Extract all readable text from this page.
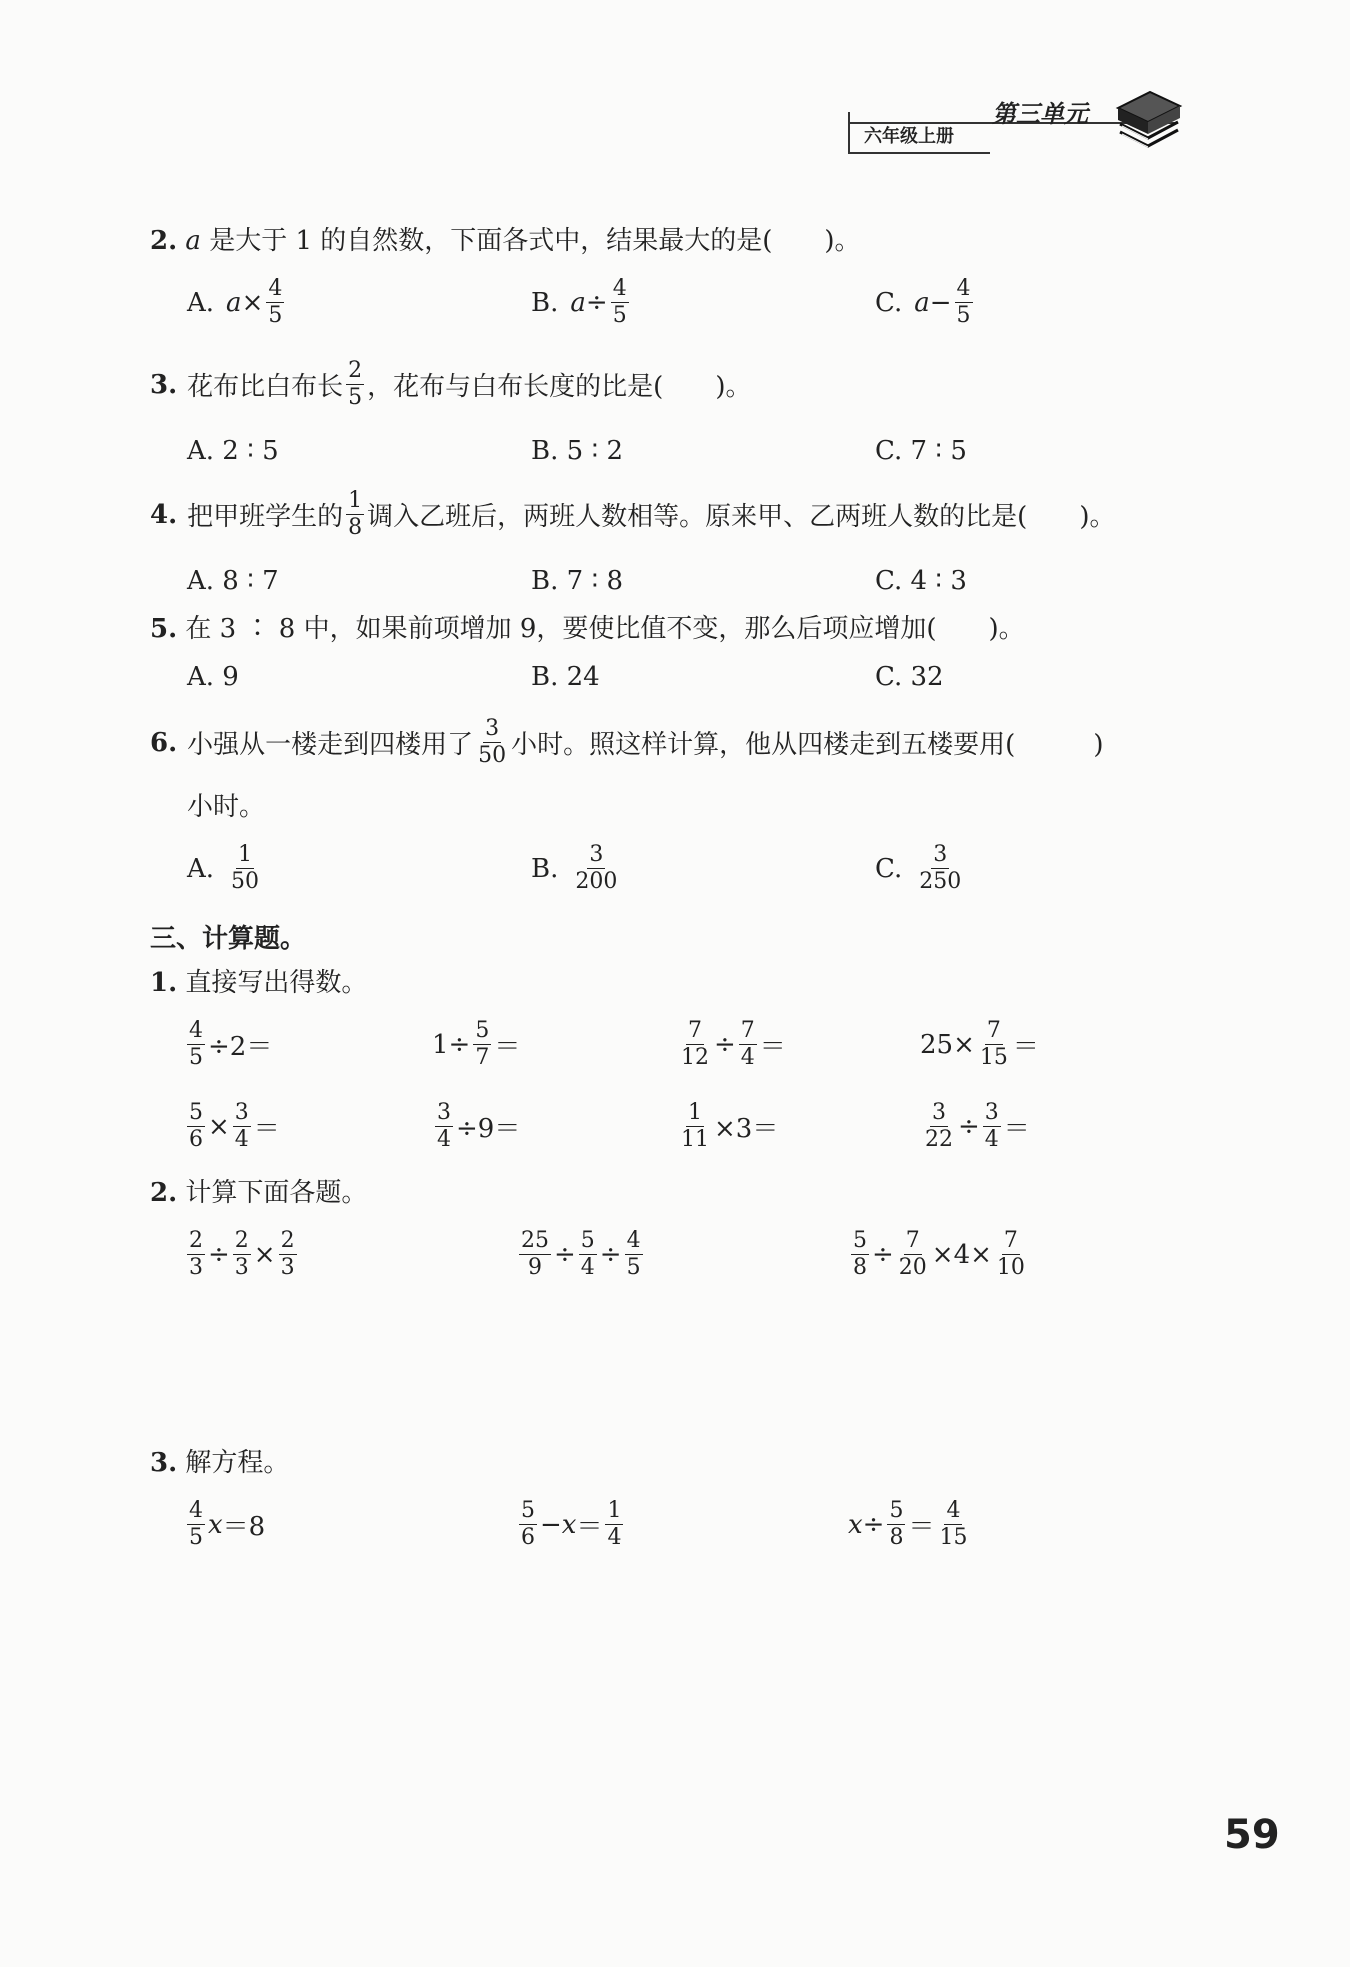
六年级上册
第三单元
2. a 是大于 1 的自然数，下面各式中，结果最大的是(　　)。
A. $a \times \frac{4}{5}$	B. $a \div \frac{4}{5}$	C. $a - \frac{4}{5}$
3. 花布比白布长 $\frac{2}{5}$ ，花布与白布长度的比是(　　)。
A. 2 ∶ 5	B. 5 ∶ 2	C. 7 ∶ 5
4. 把甲班学生的 $\frac{1}{8}$ 调入乙班后，两班人数相等。原来甲、乙两班人数的比是(　　)。
A. 8 ∶ 7	B. 7 ∶ 8	C. 4 ∶ 3
5. 在 3 ∶ 8 中，如果前项增加 9，要使比值不变，那么后项应增加(　　)。
A. 9	B. 24	C. 32
6. 小强从一楼走到四楼用了 $\frac{3}{50}$ 小时。照这样计算，他从四楼走到五楼要用(　　　)
小时。
A. $\frac{1}{50}$	B. $\frac{3}{200}$	C. $\frac{3}{250}$
三、计算题。
1. 直接写出得数。
$\frac{4}{5} \div 2=$	$1\div \frac{5}{7}$ ＝	$\frac{7}{12} \div \frac{7}{4}$ ＝	$25\times \frac{7}{15}$ ＝
$\frac{5}{6} \times \frac{3}{4}$ ＝	$\frac{3}{4} \div 9=$	$\frac{1}{11} \times 3=$	$\frac{3}{22} \div \frac{3}{4}$ ＝
2. 计算下面各题。
$\frac{2}{3} \div \frac{2}{3} \times \frac{2}{3}$	$\frac{25}{9} \div \frac{5}{4} \div \frac{4}{5}$	$\frac{5}{8} \div \frac{7}{20} \times 4\times \frac{7}{10}$
3. 解方程。
$\frac{4}{5}$ x ＝8	$\frac{5}{6} - x = \frac{1}{4}$	$x \div \frac{5}{8} = \frac{4}{15}$
59
